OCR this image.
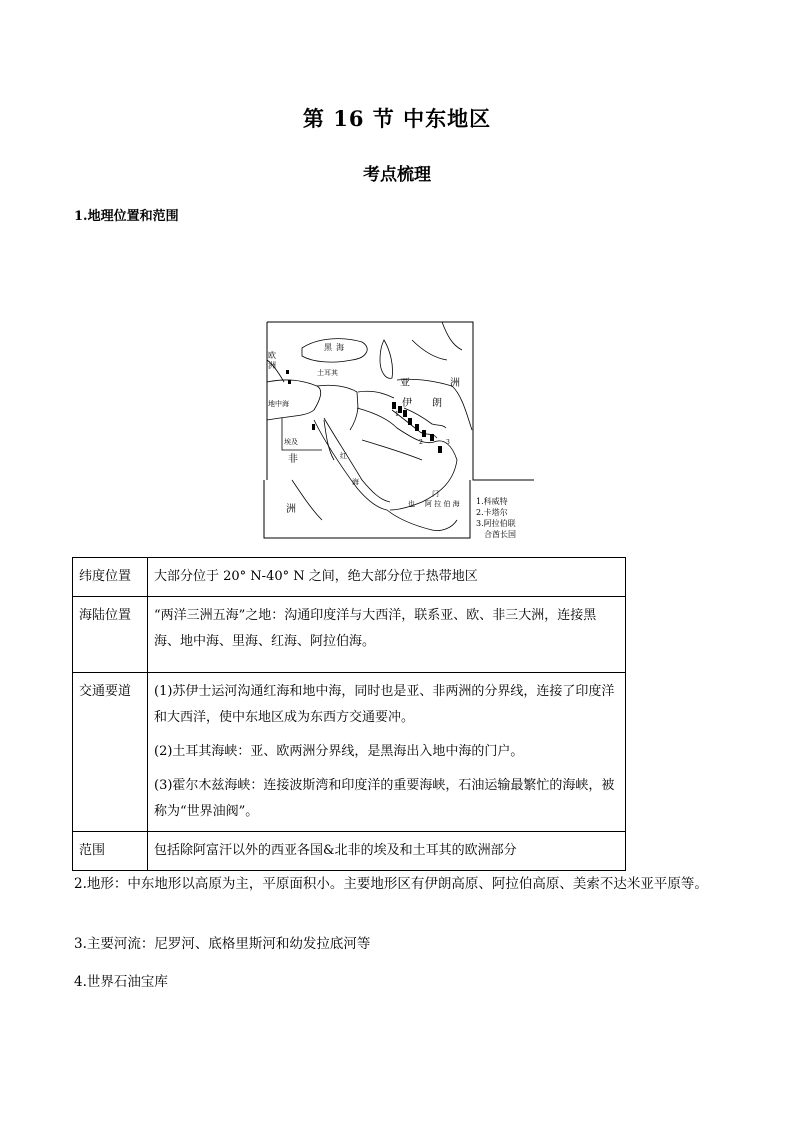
第 16 节 中东地区
考点梳理
1.地理位置和范围
欧
洲
黑 海
土耳其
亚	洲
伊 朗
地中海
埃及
非
洲
红
海
也
门
阿 拉 伯 海
1
2	3
1.科威特
2.卡塔尔
3.阿拉伯联
合酋长国
纬度位置	大部分位于 20° N-40° N 之间，绝大部分位于热带地区

海陆位置	“两洋三洲五海”之地：沟通印度洋与大西洋，联系亚、欧、非三大洲，连接黑海、地中海、里海、红海、阿拉伯海。

交通要道	(1)苏伊士运河沟通红海和地中海，同时也是亚、非两洲的分界线，连接了印度洋和大西洋，使中东地区成为东西方交通要冲。
(2)土耳其海峡：亚、欧两洲分界线，是黑海出入地中海的门户。
(3)霍尔木兹海峡：连接波斯湾和印度洋的重要海峡，石油运输最繁忙的海峡，被称为“世界油阀”。

范围	包括除阿富汗以外的西亚各国&北非的埃及和土耳其的欧洲部分
2.地形：中东地形以高原为主，平原面积小。主要地形区有伊朗高原、阿拉伯高原、美索不达米亚平原等。
3.主要河流：尼罗河、底格里斯河和幼发拉底河等
4.世界石油宝库
